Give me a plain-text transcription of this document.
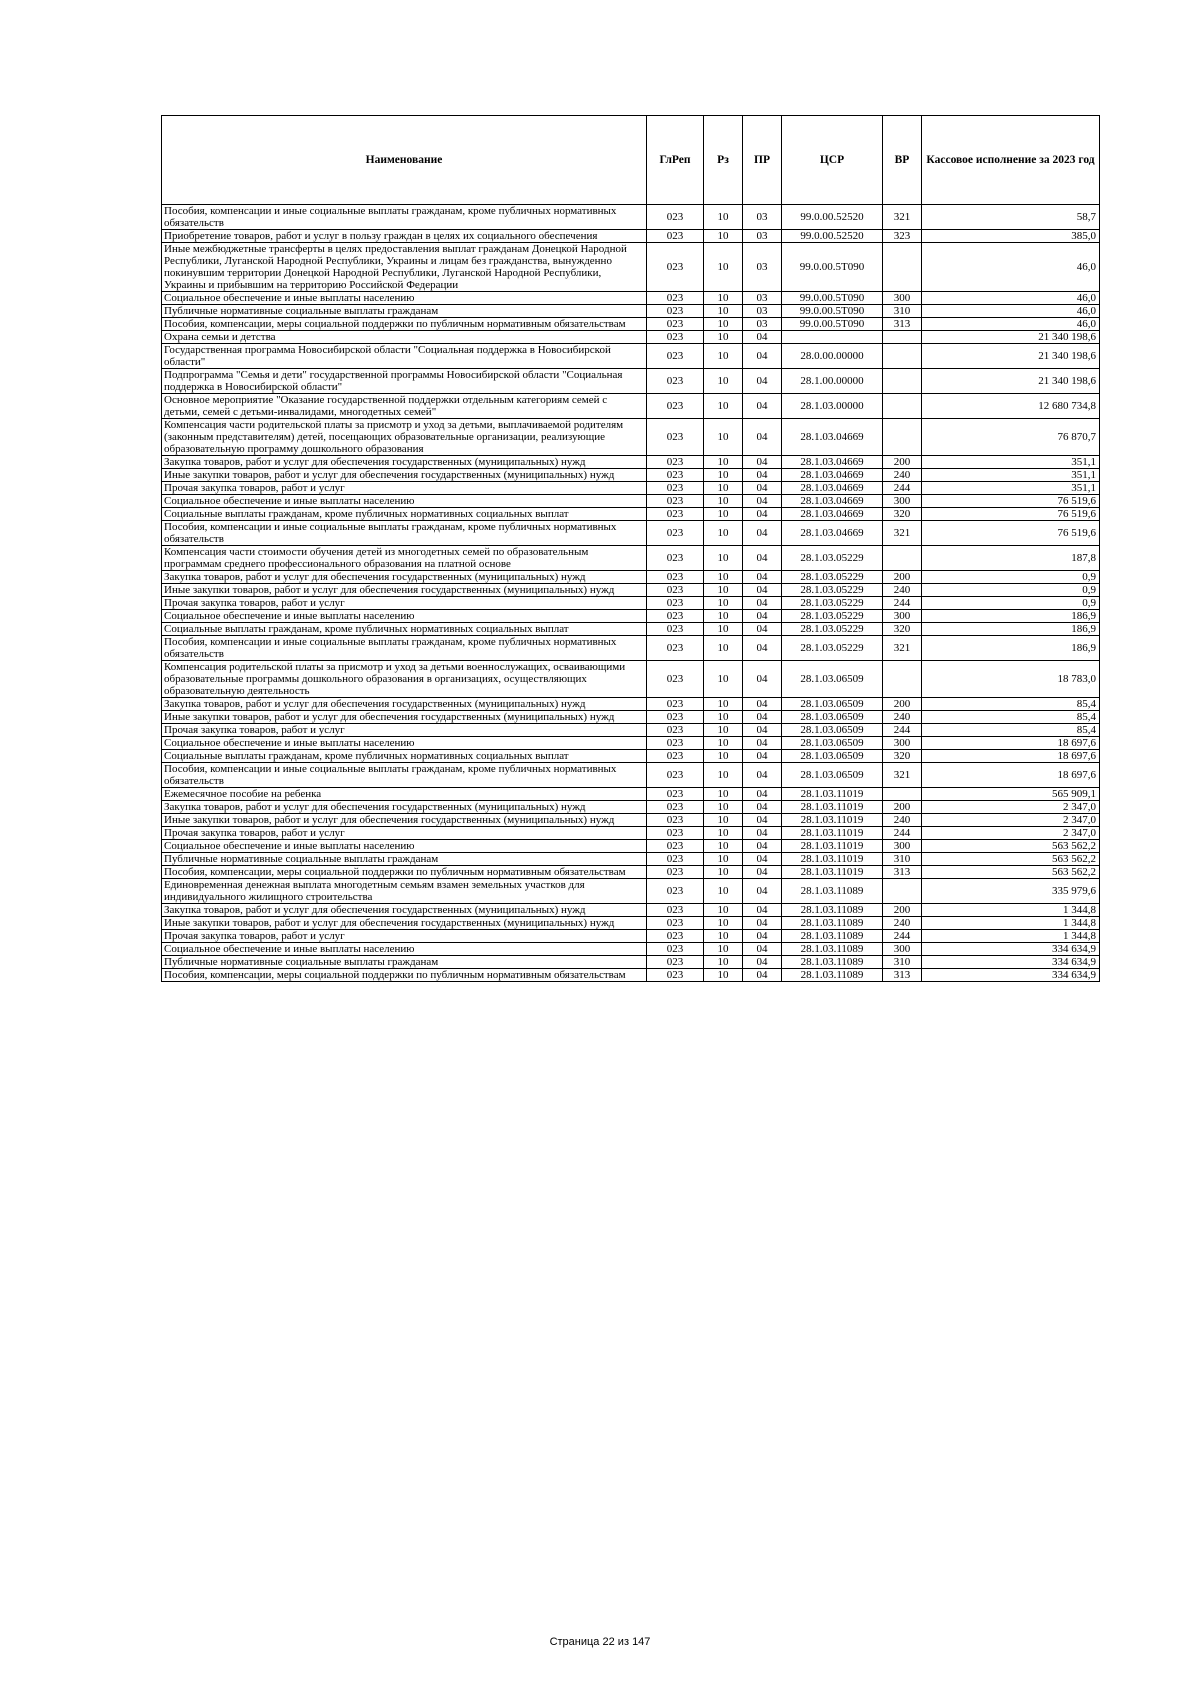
Наименование	ГлРеп	Рз	ПР	ЦСР	ВР	Кассовое исполнение за 2023 год
Пособия, компенсации и иные социальные выплаты гражданам, кроме публичных нормативных обязательств	023	10	03	99.0.00.52520	321	58,7
Приобретение товаров, работ и услуг в пользу граждан в целях их социального обеспечения	023	10	03	99.0.00.52520	323	385,0
Иные межбюджетные трансферты в целях предоставления выплат гражданам Донецкой Народной Республики, Луганской Народной Республики, Украины и лицам без гражданства, вынужденно покинувшим территории Донецкой Народной Республики, Луганской Народной Республики, Украины и прибывшим на территорию Российской Федерации	023	10	03	99.0.00.5Т090		46,0
Социальное обеспечение и иные выплаты населению	023	10	03	99.0.00.5Т090	300	46,0
Публичные нормативные социальные выплаты гражданам	023	10	03	99.0.00.5Т090	310	46,0
Пособия, компенсации, меры социальной поддержки по публичным нормативным обязательствам	023	10	03	99.0.00.5Т090	313	46,0
Охрана семьи и детства	023	10	04			21 340 198,6
Государственная программа Новосибирской области "Социальная поддержка в Новосибирской области"	023	10	04	28.0.00.00000		21 340 198,6
Подпрограмма "Семья и дети" государственной программы Новосибирской области "Социальная поддержка в Новосибирской области"	023	10	04	28.1.00.00000		21 340 198,6
Основное мероприятие "Оказание государственной поддержки отдельным категориям семей с детьми, семей с детьми-инвалидами, многодетных семей"	023	10	04	28.1.03.00000		12 680 734,8
Компенсация части родительской платы за присмотр и уход за детьми, выплачиваемой родителям (законным представителям) детей, посещающих образовательные организации, реализующие образовательную программу дошкольного образования	023	10	04	28.1.03.04669		76 870,7
Закупка товаров, работ и услуг для обеспечения государственных (муниципальных) нужд	023	10	04	28.1.03.04669	200	351,1
Иные закупки товаров, работ и услуг для обеспечения государственных (муниципальных) нужд	023	10	04	28.1.03.04669	240	351,1
Прочая закупка товаров, работ и услуг	023	10	04	28.1.03.04669	244	351,1
Социальное обеспечение и иные выплаты населению	023	10	04	28.1.03.04669	300	76 519,6
Социальные выплаты гражданам, кроме публичных нормативных социальных выплат	023	10	04	28.1.03.04669	320	76 519,6
Пособия, компенсации и иные социальные выплаты гражданам, кроме публичных нормативных обязательств	023	10	04	28.1.03.04669	321	76 519,6
Компенсация части стоимости обучения детей из многодетных семей по образовательным программам среднего профессионального образования на платной основе	023	10	04	28.1.03.05229		187,8
Закупка товаров, работ и услуг для обеспечения государственных (муниципальных) нужд	023	10	04	28.1.03.05229	200	0,9
Иные закупки товаров, работ и услуг для обеспечения государственных (муниципальных) нужд	023	10	04	28.1.03.05229	240	0,9
Прочая закупка товаров, работ и услуг	023	10	04	28.1.03.05229	244	0,9
Социальное обеспечение и иные выплаты населению	023	10	04	28.1.03.05229	300	186,9
Социальные выплаты гражданам, кроме публичных нормативных социальных выплат	023	10	04	28.1.03.05229	320	186,9
Пособия, компенсации и иные социальные выплаты гражданам, кроме публичных нормативных обязательств	023	10	04	28.1.03.05229	321	186,9
Компенсация родительской платы за присмотр и уход за детьми военнослужащих, осваивающими образовательные программы дошкольного образования в организациях, осуществляющих образовательную деятельность	023	10	04	28.1.03.06509		18 783,0
Закупка товаров, работ и услуг для обеспечения государственных (муниципальных) нужд	023	10	04	28.1.03.06509	200	85,4
Иные закупки товаров, работ и услуг для обеспечения государственных (муниципальных) нужд	023	10	04	28.1.03.06509	240	85,4
Прочая закупка товаров, работ и услуг	023	10	04	28.1.03.06509	244	85,4
Социальное обеспечение и иные выплаты населению	023	10	04	28.1.03.06509	300	18 697,6
Социальные выплаты гражданам, кроме публичных нормативных социальных выплат	023	10	04	28.1.03.06509	320	18 697,6
Пособия, компенсации и иные социальные выплаты гражданам, кроме публичных нормативных обязательств	023	10	04	28.1.03.06509	321	18 697,6
Ежемесячное пособие на ребенка	023	10	04	28.1.03.11019		565 909,1
Закупка товаров, работ и услуг для обеспечения государственных (муниципальных) нужд	023	10	04	28.1.03.11019	200	2 347,0
Иные закупки товаров, работ и услуг для обеспечения государственных (муниципальных) нужд	023	10	04	28.1.03.11019	240	2 347,0
Прочая закупка товаров, работ и услуг	023	10	04	28.1.03.11019	244	2 347,0
Социальное обеспечение и иные выплаты населению	023	10	04	28.1.03.11019	300	563 562,2
Публичные нормативные социальные выплаты гражданам	023	10	04	28.1.03.11019	310	563 562,2
Пособия, компенсации, меры социальной поддержки по публичным нормативным обязательствам	023	10	04	28.1.03.11019	313	563 562,2
Единовременная денежная выплата многодетным семьям взамен земельных участков для индивидуального жилищного строительства	023	10	04	28.1.03.11089		335 979,6
Закупка товаров, работ и услуг для обеспечения государственных (муниципальных) нужд	023	10	04	28.1.03.11089	200	1 344,8
Иные закупки товаров, работ и услуг для обеспечения государственных (муниципальных) нужд	023	10	04	28.1.03.11089	240	1 344,8
Прочая закупка товаров, работ и услуг	023	10	04	28.1.03.11089	244	1 344,8
Социальное обеспечение и иные выплаты населению	023	10	04	28.1.03.11089	300	334 634,9
Публичные нормативные социальные выплаты гражданам	023	10	04	28.1.03.11089	310	334 634,9
Пособия, компенсации, меры социальной поддержки по публичным нормативным обязательствам	023	10	04	28.1.03.11089	313	334 634,9
Страница 22 из 147
